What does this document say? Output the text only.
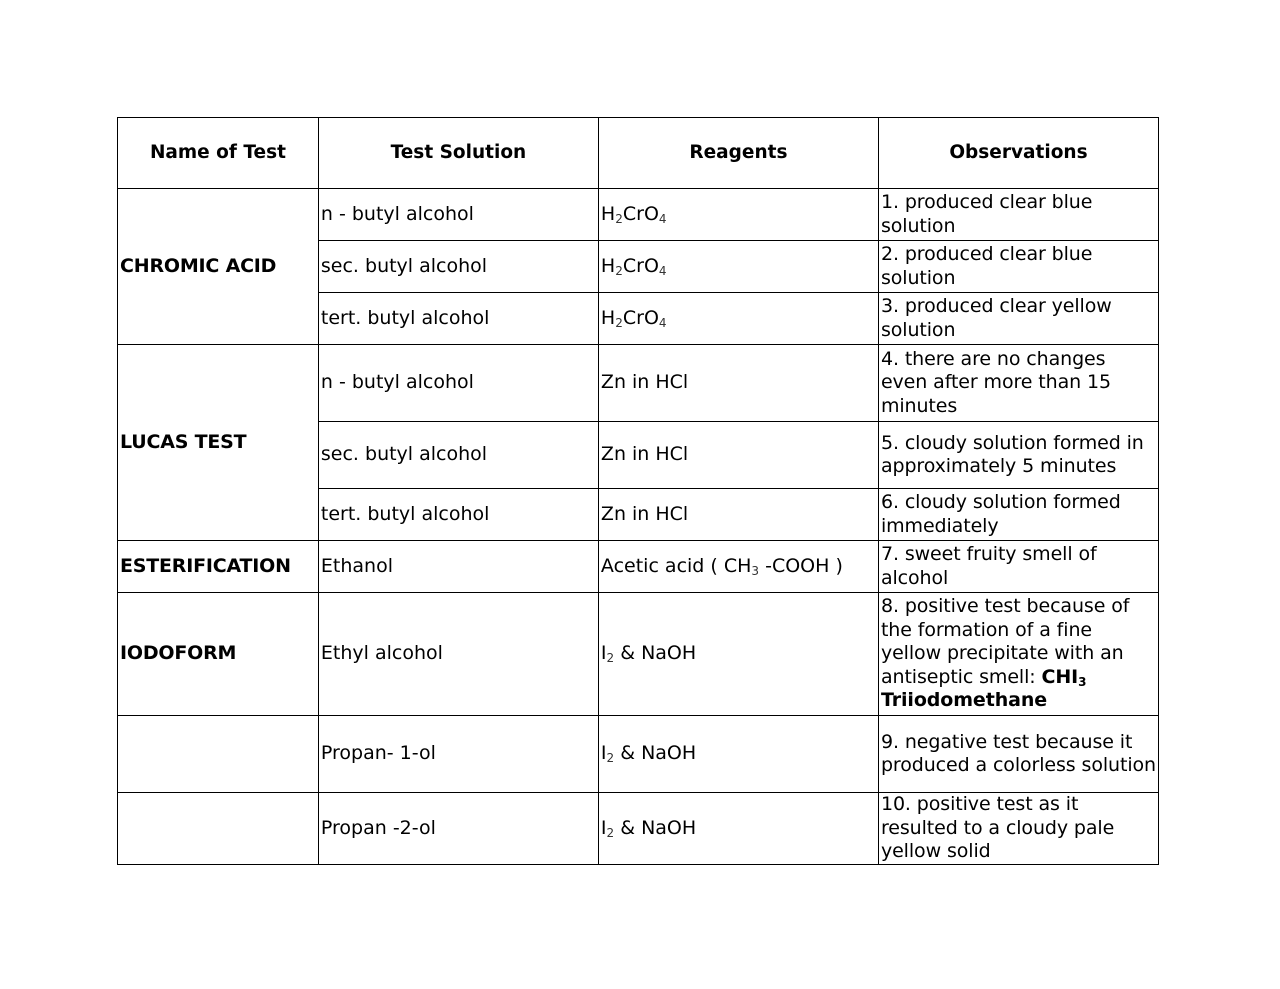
Name of Test	Test Solution	Reagents	Observations
CHROMIC ACID	n - butyl alcohol	$H_2CrO_4$	1. produced clear blue solution
	sec. butyl alcohol	$H_2CrO_4$	2. produced clear blue solution
	tert. butyl alcohol	$H_2CrO_4$	3. produced clear yellow solution
LUCAS TEST	n - butyl alcohol	Zn in HCl	4. there are no changes even after more than 15 minutes
	sec. butyl alcohol	Zn in HCl	5. cloudy solution formed in approximately 5 minutes
	tert. butyl alcohol	Zn in HCl	6. cloudy solution formed immediately
ESTERIFICATION	Ethanol	Acetic acid ( $CH_3$ -COOH )	7. sweet fruity smell of alcohol
IODOFORM	Ethyl alcohol	$I_2$ & NaOH	8. positive test because of the formation of a fine yellow precipitate with an antiseptic smell: $CHI_3$
Triiodomethane
	Propan- 1-ol	$I_2$ & NaOH	9. negative test because it produced a colorless solution
	Propan -2-ol	$I_2$ & NaOH	10. positive test as it resulted to a cloudy pale yellow solid
